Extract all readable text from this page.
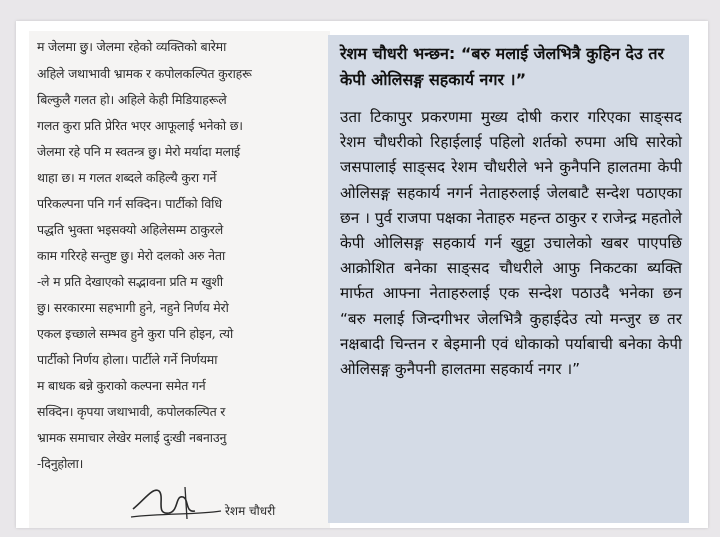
म जेलमा छु। जेलमा रहेको व्यक्तिको बारेमा
अहिले जथाभावी भ्रामक र कपोलकल्पित कुराहरू
बिल्कुलै गलत हो। अहिले केही मिडियाहरूले
गलत कुरा प्रति प्रेरित भएर आफूलाई भनेको छ।
जेलमा रहे पनि म स्वतन्त्र छु। मेरो मर्यादा मलाई
थाहा छ। म गलत शब्दले कहिल्यै कुरा गर्ने
परिकल्पना पनि गर्न सक्दिन। पार्टीको विधि
पद्धति भुक्ता भइसक्यो अहिलेसम्म ठाकुरले
काम गरिरहे सन्तुष्ट छु। मेरो दलको अरु नेता
-ले म प्रति देखाएको सद्भावना प्रति म खुशी
छु। सरकारमा सहभागी हुने, नहुने निर्णय मेरो
एकल इच्छाले सम्भव हुने कुरा पनि होइन, त्यो
पार्टीको निर्णय होला। पार्टीले गर्ने निर्णयमा
म बाधक बन्ने कुराको कल्पना समेत गर्न
सक्दिन। कृपया जथाभावी, कपोलकल्पित र
भ्रामक समाचार लेखेर मलाई दुःखी नबनाउनु
-दिनुहोला।
रेशम चौधरी
रेशम चौधरी भन्छन: “बरु मलाई जेलभित्रै कुहिन देउ तर केपी ओलिसङ्ग सहकार्य नगर ।”
उता टिकापुर प्रकरणमा मुख्य दोषी करार गरिएका साङ्सद रेशम चौधरीको रिहाईलाई पहिलो शर्तको रुपमा अघि सारेको जसपालाई साङ्सद रेशम चौधरीले भने कुनैपनि हालतमा केपी ओलिसङ्ग सहकार्य नगर्न नेताहरुलाई जेलबाटै सन्देश पठाएका छन । पुर्व राजपा पक्षका नेताहरु महन्त ठाकुर र राजेन्द्र महतोले केपी ओलिसङ्ग सहकार्य गर्न खुट्टा उचालेको खबर पाएपछि आक्रोशित बनेका साङ्सद चौधरीले आफु निकटका ब्यक्ति मार्फत आफ्ना नेताहरुलाई एक सन्देश पठाउदै भनेका छन “बरु मलाई जिन्दगीभर जेलभित्रै कुहाईदेउ त्यो मन्जुर छ तर नक्षबादी चिन्तन र बेइमानी एवं धोकाको पर्याबाची बनेका केपी ओलिसङ्ग कुनैपनी हालतमा सहकार्य नगर ।”
